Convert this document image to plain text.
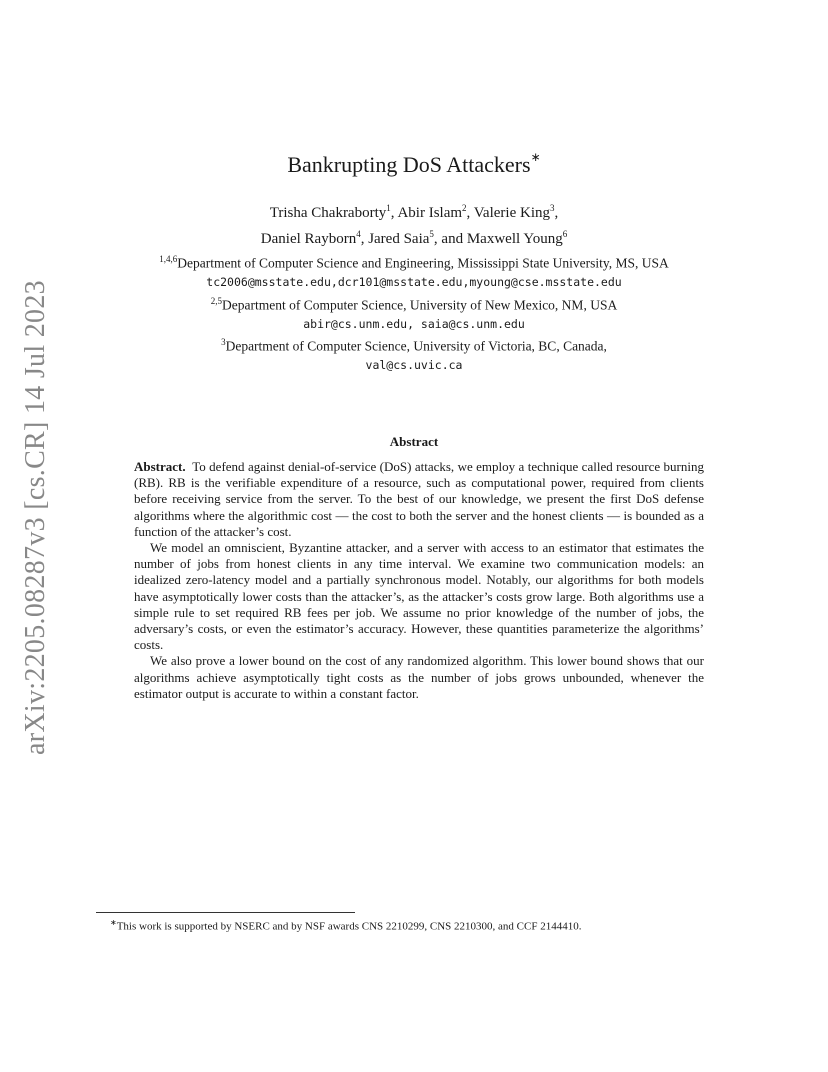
arXiv:2205.08287v3 [cs.CR] 14 Jul 2023
Bankrupting DoS Attackers∗
Trisha Chakraborty$^1$, Abir Islam$^2$, Valerie King$^3$,
Daniel Rayborn$^4$, Jared Saia$^5$, and Maxwell Young$^6$
$^{1,4,6}$Department of Computer Science and Engineering, Mississippi State University, MS, USA
tc2006@msstate.edu,dcr101@msstate.edu,myoung@cse.msstate.edu
$^{2,5}$Department of Computer Science, University of New Mexico, NM, USA
abir@cs.unm.edu, saia@cs.unm.edu
$^3$Department of Computer Science, University of Victoria, BC, Canada,
val@cs.uvic.ca
Abstract

Abstract. To defend against denial-of-service (DoS) attacks, we employ a technique called resource burning (RB). RB is the verifiable expenditure of a resource, such as computational power, required from clients before receiving service from the server. To the best of our knowledge, we present the first DoS defense algorithms where the algorithmic cost — the cost to both the server and the honest clients — is bounded as a function of the attacker’s cost.

We model an omniscient, Byzantine attacker, and a server with access to an estimator that estimates the number of jobs from honest clients in any time interval. We examine two communication models: an idealized zero-latency model and a partially synchronous model. Notably, our algorithms for both models have asymptotically lower costs than the attacker’s, as the attacker’s costs grow large. Both algorithms use a simple rule to set required RB fees per job. We assume no prior knowledge of the number of jobs, the adversary’s costs, or even the estimator’s accuracy. However, these quantities parameterize the algorithms’ costs.

We also prove a lower bound on the cost of any randomized algorithm. This lower bound shows that our algorithms achieve asymptotically tight costs as the number of jobs grows unbounded, whenever the estimator output is accurate to within a constant factor.

∗This work is supported by NSERC and by NSF awards CNS 2210299, CNS 2210300, and CCF 2144410.
